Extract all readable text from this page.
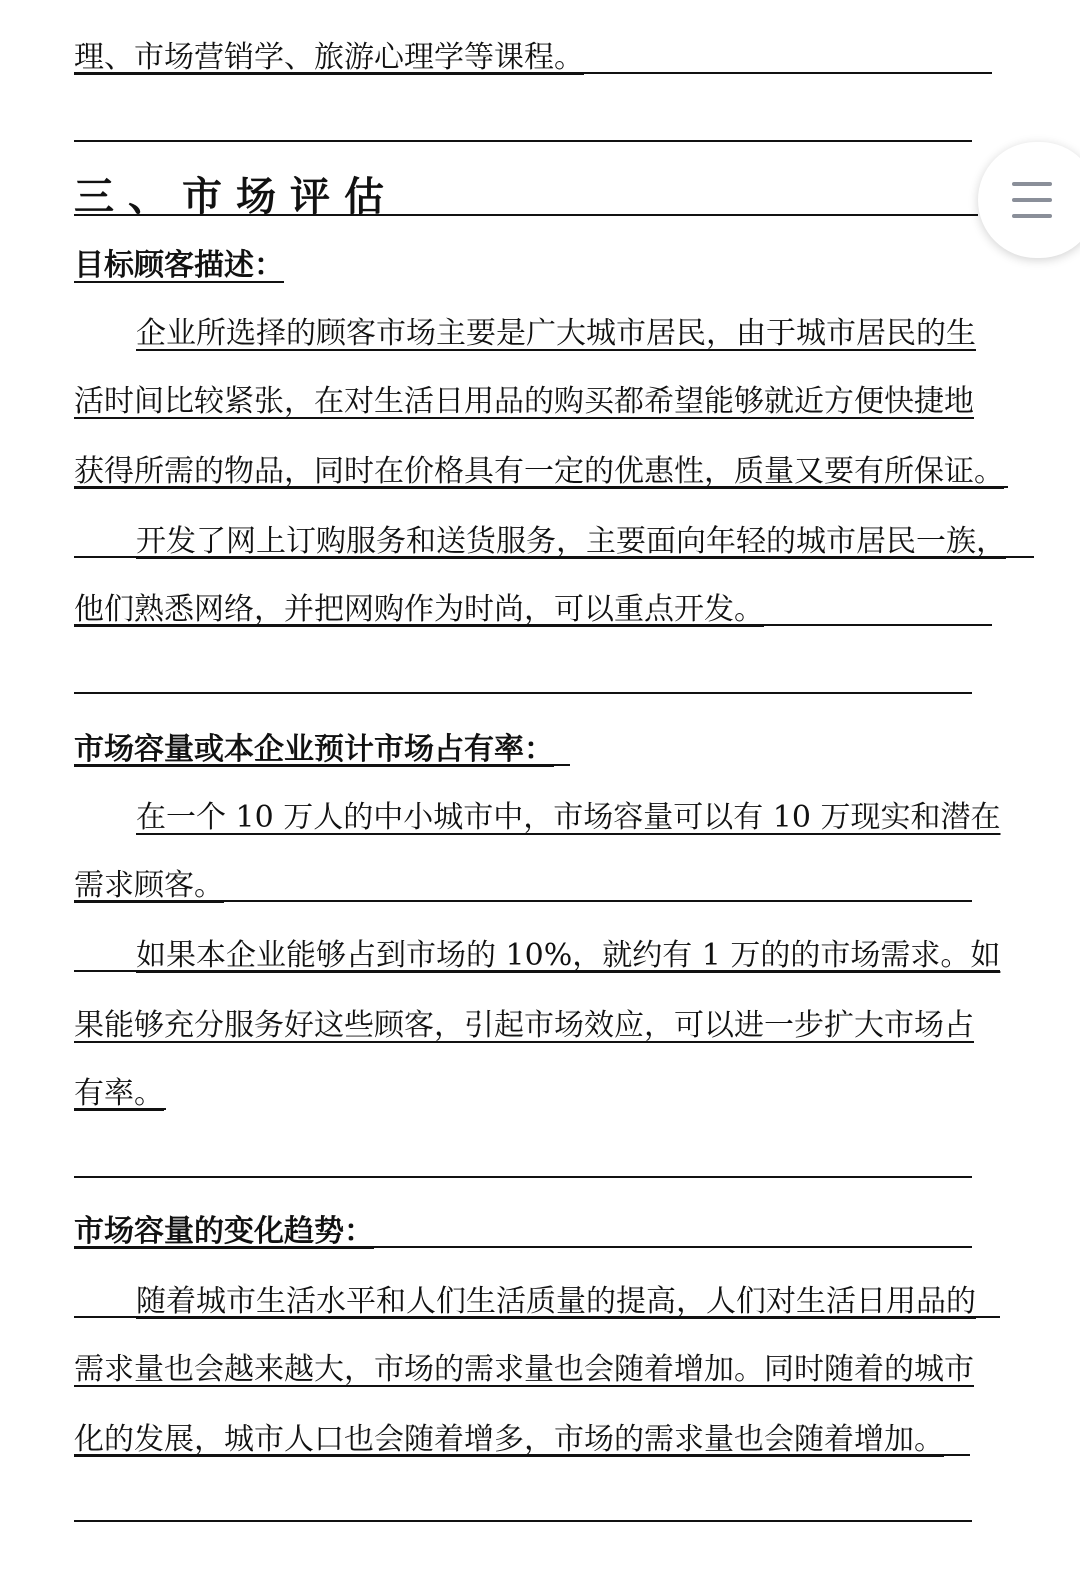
理、市场营销学、旅游心理学等课程。
三、市场评估
目标顾客描述：
企业所选择的顾客市场主要是广大城市居民，由于城市居民的生
活时间比较紧张，在对生活日用品的购买都希望能够就近方便快捷地
获得所需的物品，同时在价格具有一定的优惠性，质量又要有所保证。
开发了网上订购服务和送货服务，主要面向年轻的城市居民一族，
他们熟悉网络，并把网购作为时尚，可以重点开发。
市场容量或本企业预计市场占有率：
在一个 10 万人的中小城市中，市场容量可以有 10 万现实和潜在
需求顾客。
如果本企业能够占到市场的 10%，就约有 1 万的的市场需求。如
果能够充分服务好这些顾客，引起市场效应，可以进一步扩大市场占
有率。
市场容量的变化趋势：
随着城市生活水平和人们生活质量的提高，人们对生活日用品的
需求量也会越来越大，市场的需求量也会随着增加。同时随着的城市
化的发展，城市人口也会随着增多，市场的需求量也会随着增加。
